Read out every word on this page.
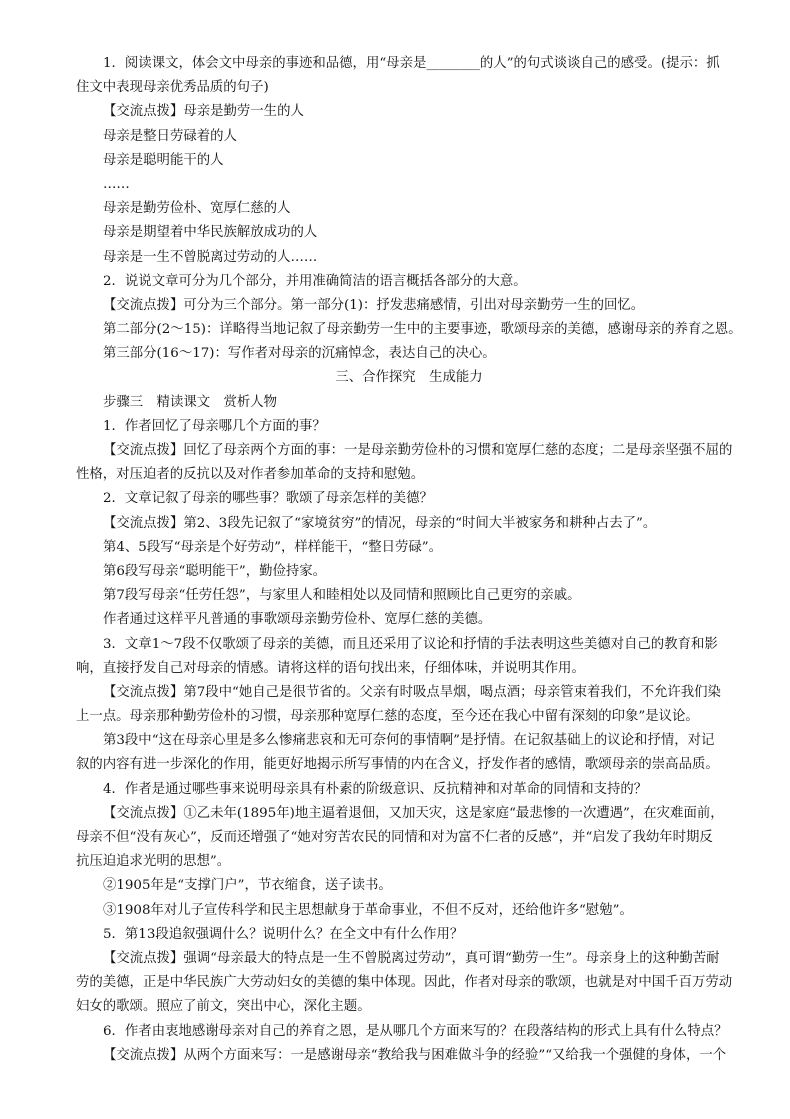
1．阅读课文，体会文中母亲的事迹和品德，用“母亲是________的人”的句式谈谈自己的感受。(提示：抓
住文中表现母亲优秀品质的句子)
【交流点拨】母亲是勤劳一生的人
母亲是整日劳碌着的人
母亲是聪明能干的人
……
母亲是勤劳俭朴、宽厚仁慈的人
母亲是期望着中华民族解放成功的人
母亲是一生不曾脱离过劳动的人……
2．说说文章可分为几个部分，并用准确简洁的语言概括各部分的大意。
【交流点拨】可分为三个部分。第一部分(1)：抒发悲痛感情，引出对母亲勤劳一生的回忆。
第二部分(2～15)：详略得当地记叙了母亲勤劳一生中的主要事迹，歌颂母亲的美德，感谢母亲的养育之恩。
第三部分(16～17)：写作者对母亲的沉痛悼念，表达自己的决心。
三、合作探究　生成能力
步骤三　精读课文　赏析人物
1．作者回忆了母亲哪几个方面的事？
【交流点拨】回忆了母亲两个方面的事：一是母亲勤劳俭朴的习惯和宽厚仁慈的态度；二是母亲坚强不屈的
性格，对压迫者的反抗以及对作者参加革命的支持和慰勉。
2．文章记叙了母亲的哪些事？歌颂了母亲怎样的美德？
【交流点拨】第2、3段先记叙了“家境贫穷”的情况，母亲的“时间大半被家务和耕种占去了”。
第4、5段写“母亲是个好劳动”，样样能干，“整日劳碌”。
第6段写母亲“聪明能干”，勤俭持家。
第7段写母亲“任劳任怨”，与家里人和睦相处以及同情和照顾比自己更穷的亲戚。
作者通过这样平凡普通的事歌颂母亲勤劳俭朴、宽厚仁慈的美德。
3．文章1～7段不仅歌颂了母亲的美德，而且还采用了议论和抒情的手法表明这些美德对自己的教育和影
响，直接抒发自己对母亲的情感。请将这样的语句找出来，仔细体味，并说明其作用。
【交流点拨】第7段中“她自己是很节省的。父亲有时吸点旱烟，喝点酒；母亲管束着我们，不允许我们染
上一点。母亲那种勤劳俭朴的习惯，母亲那种宽厚仁慈的态度，至今还在我心中留有深刻的印象”是议论。
第3段中“这在母亲心里是多么惨痛悲哀和无可奈何的事情啊”是抒情。在记叙基础上的议论和抒情，对记
叙的内容有进一步深化的作用，能更好地揭示所写事情的内在含义，抒发作者的感情，歌颂母亲的崇高品质。
4．作者是通过哪些事来说明母亲具有朴素的阶级意识、反抗精神和对革命的同情和支持的？
【交流点拨】①乙未年(1895年)地主逼着退佃，又加天灾，这是家庭“最悲惨的一次遭遇”，在灾难面前，
母亲不但“没有灰心”，反而还增强了“她对穷苦农民的同情和对为富不仁者的反感”，并“启发了我幼年时期反
抗压迫追求光明的思想”。
②1905年是“支撑门户”，节衣缩食，送子读书。
③1908年对儿子宣传科学和民主思想献身于革命事业，不但不反对，还给他许多“慰勉”。
5．第13段追叙强调什么？说明什么？在全文中有什么作用？
【交流点拨】强调“母亲最大的特点是一生不曾脱离过劳动”，真可谓“勤劳一生”。母亲身上的这种勤苦耐
劳的美德，正是中华民族广大劳动妇女的美德的集中体现。因此，作者对母亲的歌颂，也就是对中国千百万劳动
妇女的歌颂。照应了前文，突出中心，深化主题。
6．作者由衷地感谢母亲对自己的养育之恩，是从哪几个方面来写的？在段落结构的形式上具有什么特点？
【交流点拨】从两个方面来写：一是感谢母亲“教给我与困难做斗争的经验”“又给我一个强健的身体，一个
